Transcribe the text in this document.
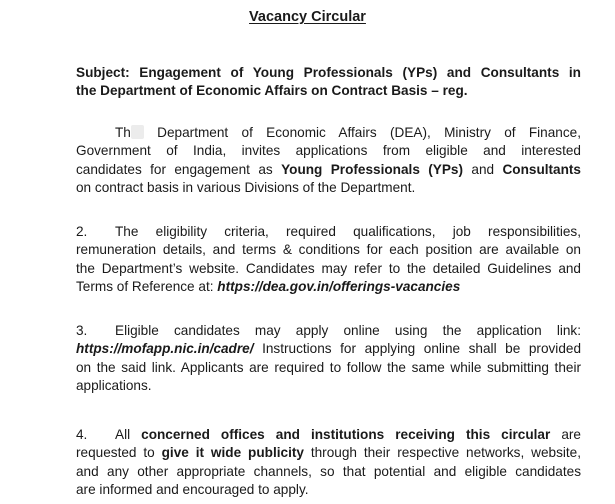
Vacancy Circular
Subject: Engagement of Young Professionals (YPs) and Consultants in
the Department of Economic Affairs on Contract Basis – reg.
Th Department of Economic Affairs (DEA), Ministry of Finance,
Government of India, invites applications from eligible and interested
candidates for engagement as Young Professionals (YPs) and Consultants
on contract basis in various Divisions of the Department.
2. The eligibility criteria, required qualifications, job responsibilities,
remuneration details, and terms & conditions for each position are available on
the Department’s website. Candidates may refer to the detailed Guidelines and
Terms of Reference at: https://dea.gov.in/offerings-vacancies
3. Eligible candidates may apply online using the application link:
https://mofapp.nic.in/cadre/ Instructions for applying online shall be provided
on the said link. Applicants are required to follow the same while submitting their
applications.
4. All concerned offices and institutions receiving this circular are
requested to give it wide publicity through their respective networks, website,
and any other appropriate channels, so that potential and eligible candidates
are informed and encouraged to apply.
